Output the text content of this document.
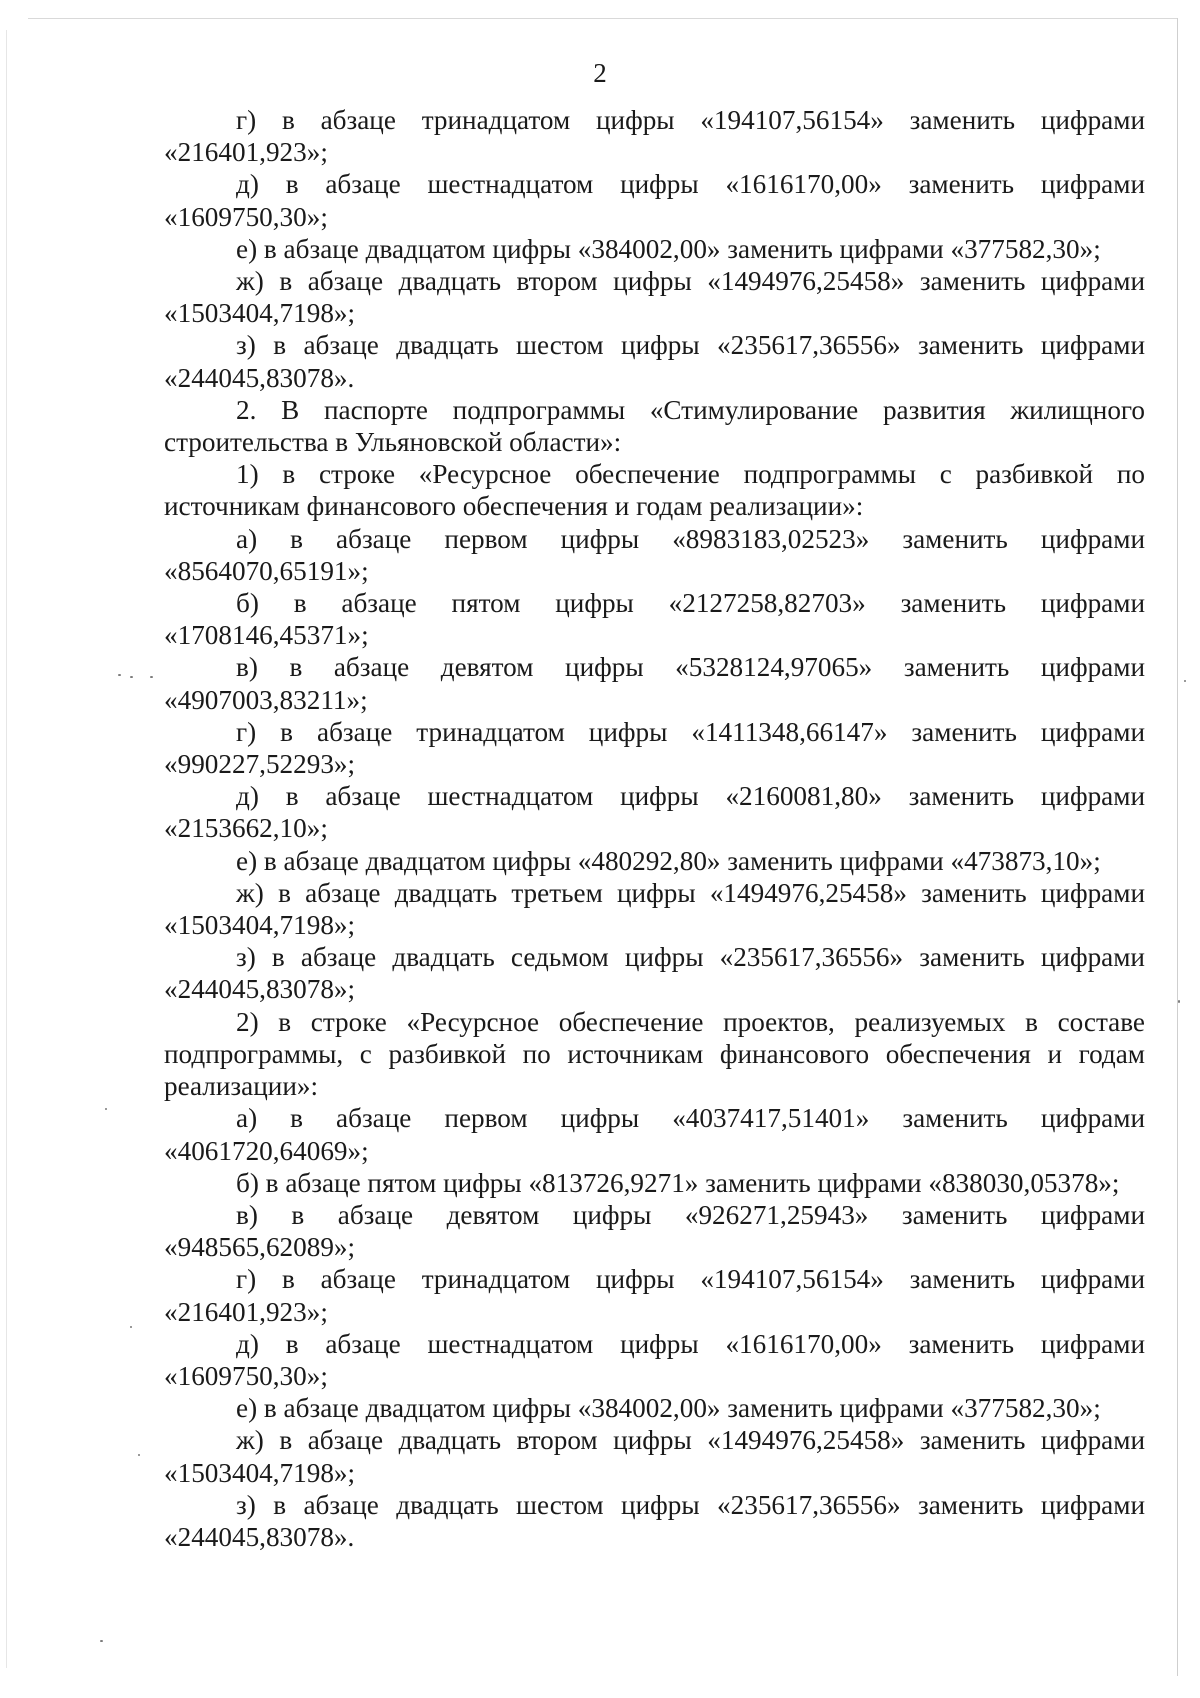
2

г) в абзаце тринадцатом цифры «194107,56154» заменить цифрами «216401,923»;

д) в абзаце шестнадцатом цифры «1616170,00» заменить цифрами «1609750,30»;

е) в абзаце двадцатом цифры «384002,00» заменить цифрами «377582,30»;

ж) в абзаце двадцать втором цифры «1494976,25458» заменить цифрами «1503404,7198»;

з) в абзаце двадцать шестом цифры «235617,36556» заменить цифрами «244045,83078».

2. В паспорте подпрограммы «Стимулирование развития жилищного строительства в Ульяновской области»:

1) в строке «Ресурсное обеспечение подпрограммы с разбивкой по источникам финансового обеспечения и годам реализации»:

а) в абзаце первом цифры «8983183,02523» заменить цифрами «8564070,65191»;

б) в абзаце пятом цифры «2127258,82703» заменить цифрами «1708146,45371»;

в) в абзаце девятом цифры «5328124,97065» заменить цифрами «4907003,83211»;

г) в абзаце тринадцатом цифры «1411348,66147» заменить цифрами «990227,52293»;

д) в абзаце шестнадцатом цифры «2160081,80» заменить цифрами «2153662,10»;

е) в абзаце двадцатом цифры «480292,80» заменить цифрами «473873,10»;

ж) в абзаце двадцать третьем цифры «1494976,25458» заменить цифрами «1503404,7198»;

з) в абзаце двадцать седьмом цифры «235617,36556» заменить цифрами «244045,83078»;

2) в строке «Ресурсное обеспечение проектов, реализуемых в составе подпрограммы, с разбивкой по источникам финансового обеспечения и годам реализации»:

а) в абзаце первом цифры «4037417,51401» заменить цифрами «4061720,64069»;

б) в абзаце пятом цифры «813726,9271» заменить цифрами «838030,05378»;

в) в абзаце девятом цифры «926271,25943» заменить цифрами «948565,62089»;

г) в абзаце тринадцатом цифры «194107,56154» заменить цифрами «216401,923»;

д) в абзаце шестнадцатом цифры «1616170,00» заменить цифрами «1609750,30»;

е) в абзаце двадцатом цифры «384002,00» заменить цифрами «377582,30»;

ж) в абзаце двадцать втором цифры «1494976,25458» заменить цифрами «1503404,7198»;

з) в абзаце двадцать шестом цифры «235617,36556» заменить цифрами «244045,83078».
